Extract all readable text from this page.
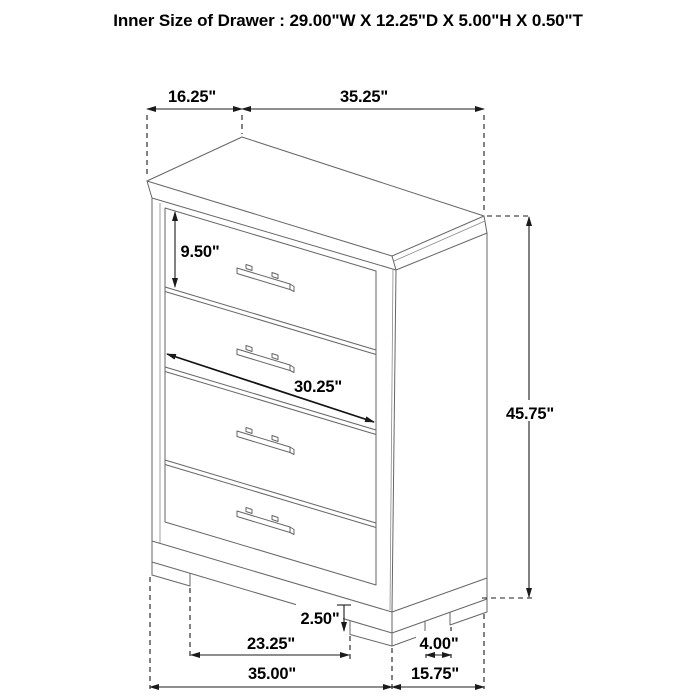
16.25"	35.25"
9.50"
30.25"
45.75"
2.50"
23.25"	4.00"
35.00"	15.75"
Inner Size of Drawer : 29.00"W X 12.25"D X 5.00"H X 0.50"T
